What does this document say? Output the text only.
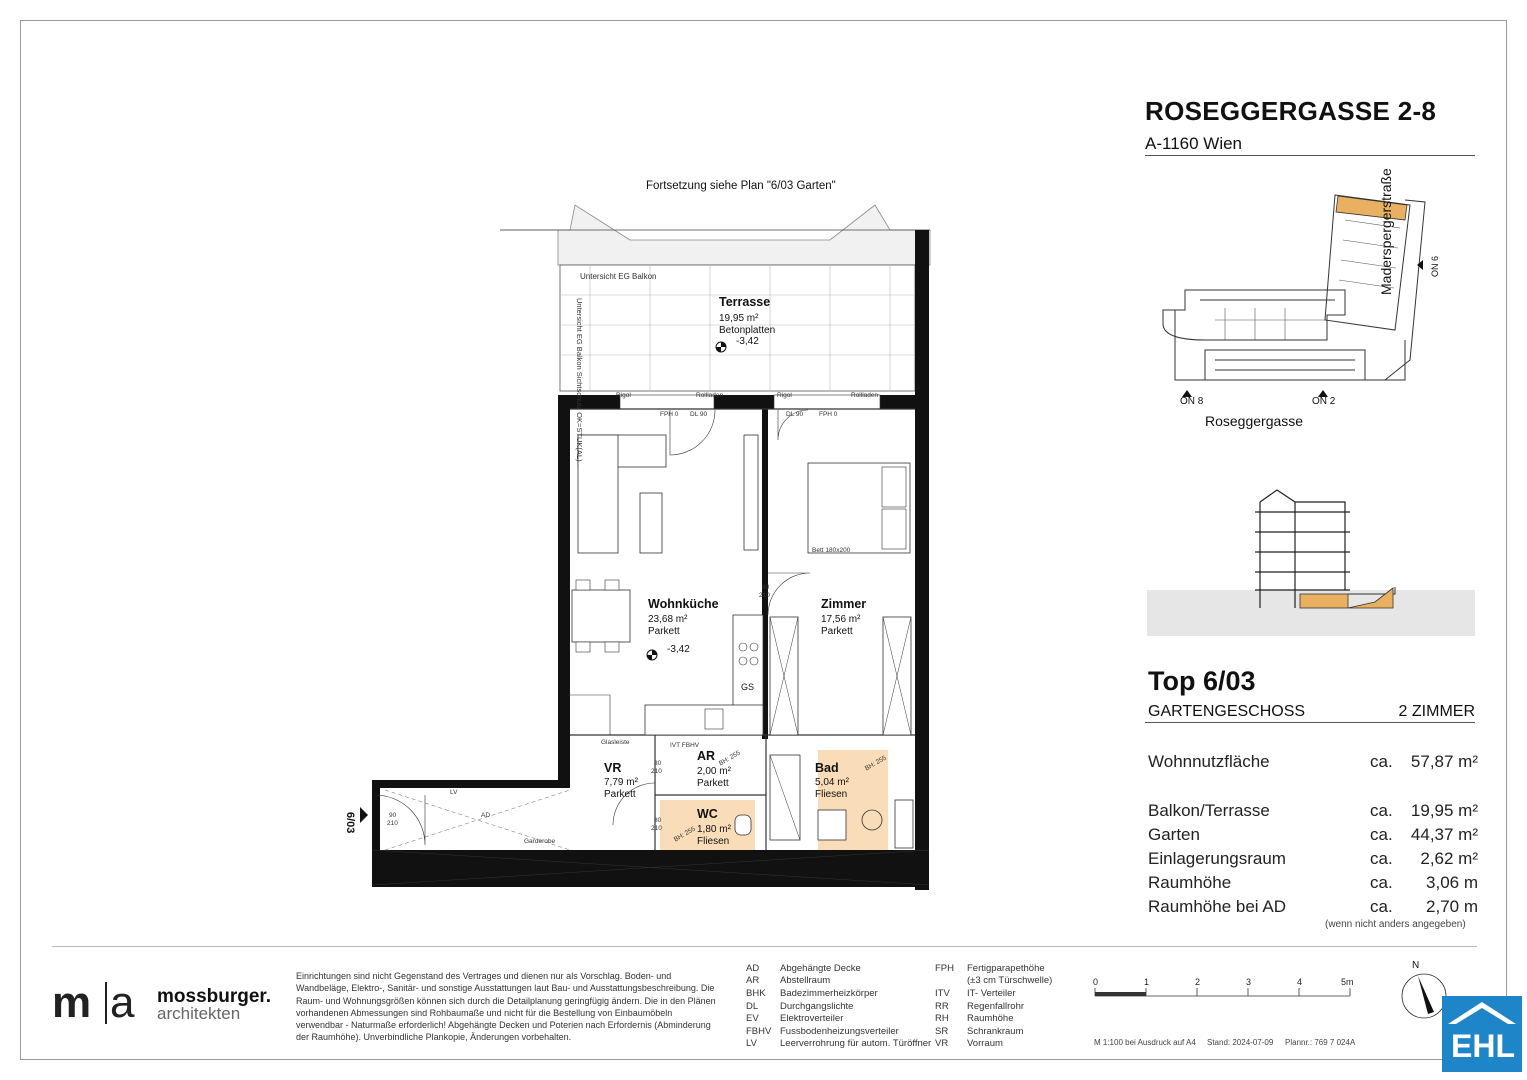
ROSEGGERGASSE 2-8
A-1160 Wien
ON 8	ON 2
Roseggergasse
Maderspergerstraße	ON 6
Top 6/03
GARTENGESCHOSS	2 ZIMMER
Wohnnutzfläche	ca. 57,87 m²
Balkon/Terrasse	ca. 19,95 m²
Garten	ca. 44,37 m²
Einlagerungsraum	ca. 2,62 m²
Raumhöhe	ca. 3,06 m
Raumhöhe bei AD	ca. 2,70 m
(wenn nicht anders angegeben)
Fortsetzung siehe Plan "6/03 Garten"
Untersicht EG Balkon
Untersicht EG Balkon Sichtschutz OK=STUK(AL)	Terrasse
19,95 m²
Betonplatten
-3,42
Wohnküche
23,68 m²
Parkett
-3,42
Zimmer
17,56 m²
Parkett
Bett 180x200
VR
7,79 m²
Parkett
AR
2,00 m²
Parkett
Bad
5,04 m²
Fliesen
WC
1,80 m²
Fliesen
GS
6/03
Rigol	Rollladen	Rigol	Rollladen
FPH 0 DL 90	DL 90 FPH 0
80
210
Glasleiste
80
210
80
210
90
210
BH: 255	BH: 255
BH: 255
AD
LV
Garderobe
IVT FBHV
m a mossburger.
architekten
Einrichtungen sind nicht Gegenstand des Vertrages und dienen nur als Vorschlag. Boden- und Wandbeläge, Elektro-, Sanitär- und sonstige Ausstattungen laut Bau- und Ausstattungsbeschreibung. Die Raum- und Wohnungsgrößen können sich durch die Detailplanung geringfügig ändern. Die in den Plänen vorhandenen Abmessungen sind Rohbaumaße und nicht für die Bestellung von Einbaumöbeln verwendbar - Naturmaße erforderlich! Abgehängte Decken und Poterien nach Erfordernis (Abminderung der Raumhöhe). Unverbindliche Plankopie, Änderungen vorbehalten.
AD Abgehängte Decke
AR Abstellraum
BHK Badezimmerheizkörper
DL Durchgangslichte
EV Elektroverteiler
FBHV Fussbodenheizungsverteiler
LV Leerverrohrung für autom. Türöffner
FPH Fertigparapethöhe
(±3 cm Türschwelle)
ITV IT- Verteiler
RR Regenfallrohr
RH Raumhöhe
SR Schrankraum
VR Vorraum
0	1	2	3	4	5m
M 1:100 bei Ausdruck auf A4 Stand: 2024-07-09 Plannr.: 769 7 024A
N
EHL
